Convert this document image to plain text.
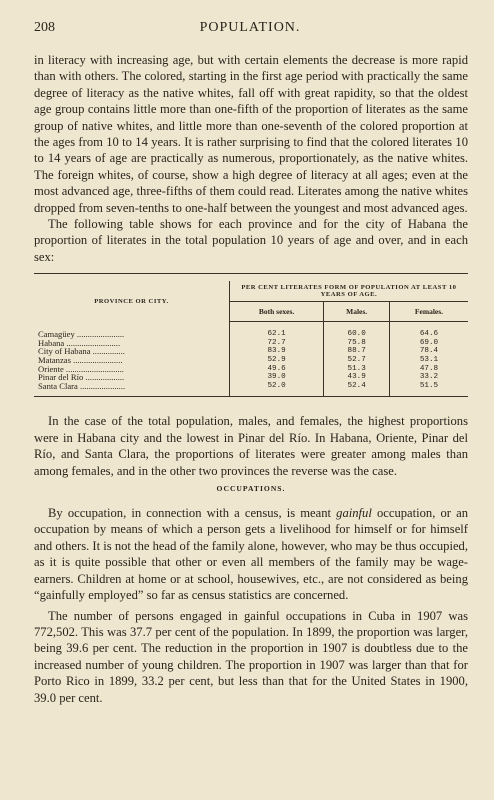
208	POPULATION.

in literacy with increasing age, but with certain elements the decrease is more rapid than with others. The colored, starting in the first age period with practically the same degree of literacy as the native whites, fall off with great rapidity, so that the oldest age group contains little more than one-fifth of the proportion of literates as the same group of native whites, and little more than one-seventh of the colored proportion at the ages from 10 to 14 years. It is rather surprising to find that the colored literates 10 to 14 years of age are practically as numerous, proportionately, as the native whites. The foreign whites, of course, show a high degree of literacy at all ages; even at the most advanced age, three-fifths of them could read. Literates among the native whites dropped from seven-tenths to one-half between the youngest and most advanced ages.

The following table shows for each province and for the city of Habana the proportion of literates in the total population 10 years of age and over, and in each sex:

PROVINCE OR CITY.	PER CENT LITERATES FORM OF POPULATION AT LEAST 10 YEARS OF AGE.		
	Both sexes.	Males.	Females.
Camagüey ......................	62.1	60.0	64.6
Habana .........................	72.7	75.8	69.0
City of Habana ...............	83.9	88.7	78.4
Matanzas .......................	52.9	52.7	53.1
Oriente ...........................	49.6	51.3	47.8
Pinar del Río ..................	39.0	43.9	33.2
Santa Clara .....................	52.0	52.4	51.5

In the case of the total population, males, and females, the highest proportions were in Habana city and the lowest in Pinar del Río. In Habana, Oriente, Pinar del Río, and Santa Clara, the proportions of literates were greater among males than among females, and in the other two provinces the reverse was the case.

OCCUPATIONS.

By occupation, in connection with a census, is meant gainful occupation, or an occupation by means of which a person gets a livelihood for himself or for himself and others. It is not the head of the family alone, however, who may be thus occupied, as it is quite possible that other or even all members of the family may be wage-earners. Children at home or at school, housewives, etc., are not considered as being “gainfully employed” so far as census statistics are concerned.

The number of persons engaged in gainful occupations in Cuba in 1907 was 772,502. This was 37.7 per cent of the population. In 1899, the proportion was larger, being 39.6 per cent. The reduction in the proportion in 1907 is doubtless due to the increased number of young children. The proportion in 1907 was larger than that for Porto Rico in 1899, 33.2 per cent, but less than that for the United States in 1900, 39.0 per cent.
